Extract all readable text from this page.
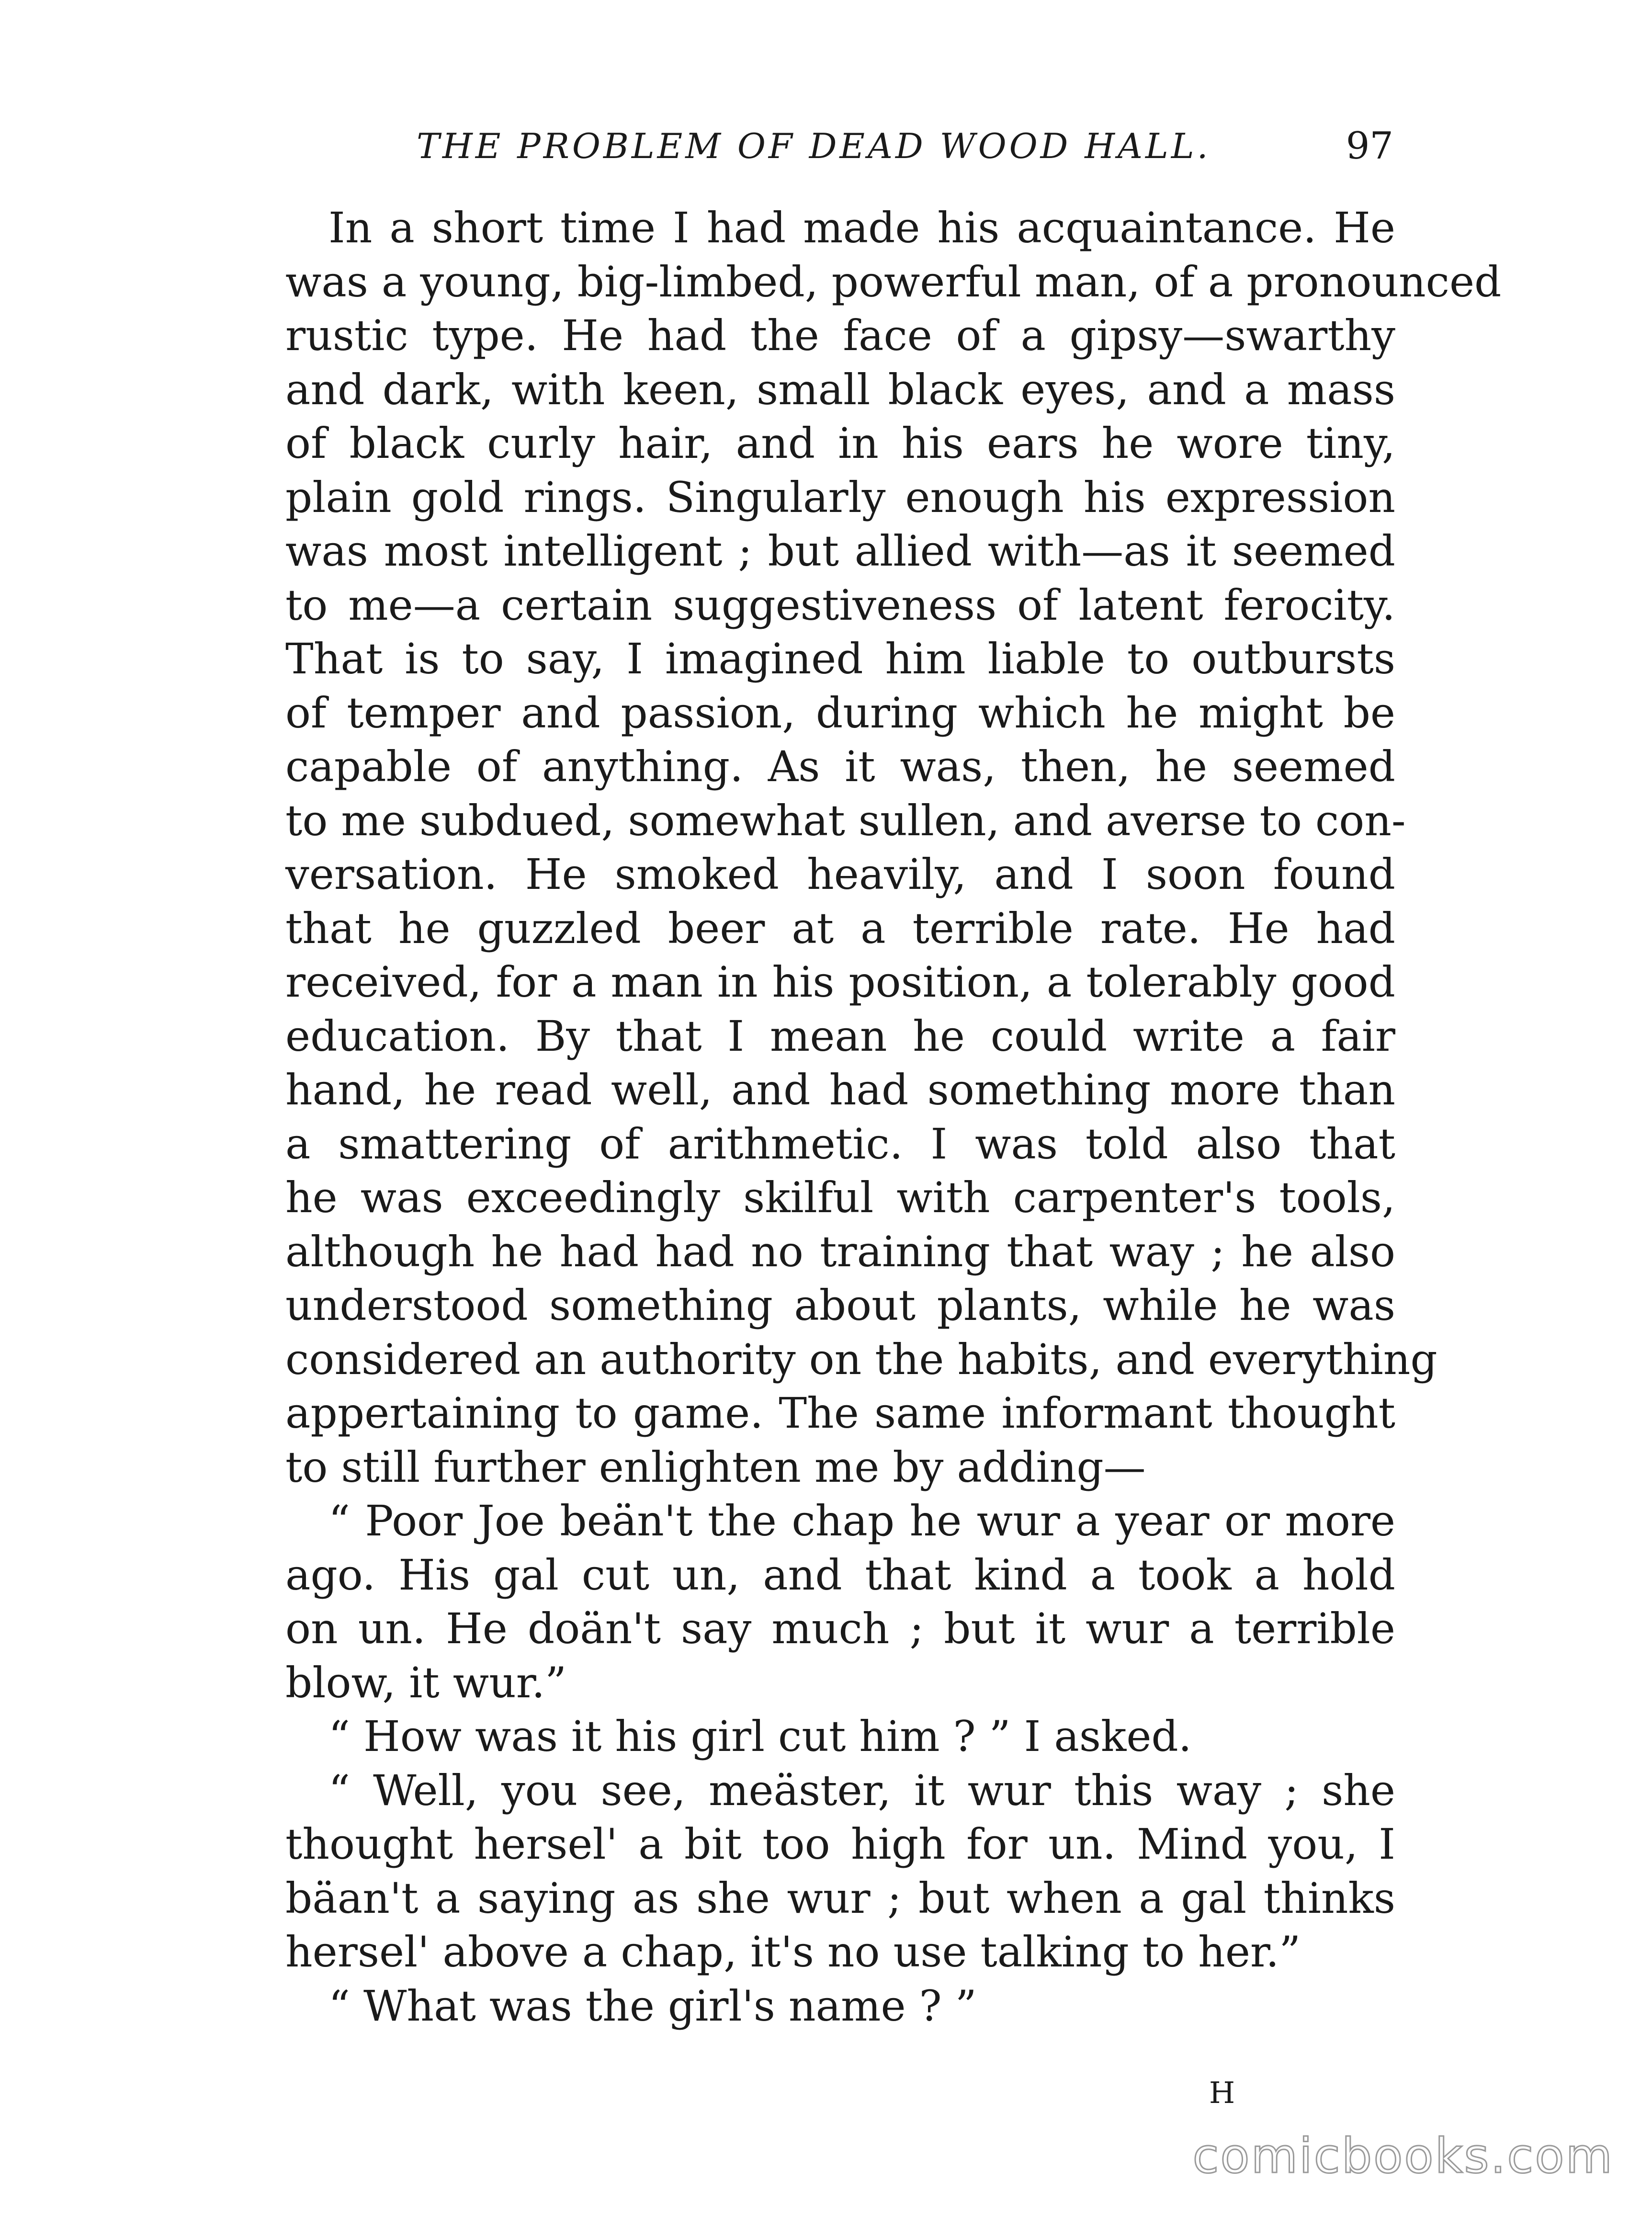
THE PROBLEM OF DEAD WOOD HALL.	97
In a short time I had made his acquaintance. He
was a young, big-limbed, powerful man, of a pronounced
rustic type. He had the face of a gipsy—swarthy
and dark, with keen, small black eyes, and a mass
of black curly hair, and in his ears he wore tiny,
plain gold rings. Singularly enough his expression
was most intelligent ; but allied with—as it seemed
to me—a certain suggestiveness of latent ferocity.
That is to say, I imagined him liable to outbursts
of temper and passion, during which he might be
capable of anything. As it was, then, he seemed
to me subdued, somewhat sullen, and averse to con-
versation. He smoked heavily, and I soon found
that he guzzled beer at a terrible rate. He had
received, for a man in his position, a tolerably good
education. By that I mean he could write a fair
hand, he read well, and had something more than
a smattering of arithmetic. I was told also that
he was exceedingly skilful with carpenter's tools,
although he had had no training that way ; he also
understood something about plants, while he was
considered an authority on the habits, and everything
appertaining to game. The same informant thought
to still further enlighten me by adding—
“ Poor Joe beän't the chap he wur a year or more
ago. His gal cut un, and that kind a took a hold
on un. He doän't say much ; but it wur a terrible
blow, it wur.”
“ How was it his girl cut him ? ” I asked.
“ Well, you see, meäster, it wur this way ; she
thought hersel' a bit too high for un. Mind you, I
bäan't a saying as she wur ; but when a gal thinks
hersel' above a chap, it's no use talking to her.”
“ What was the girl's name ? ”
H
comicbooks.com
